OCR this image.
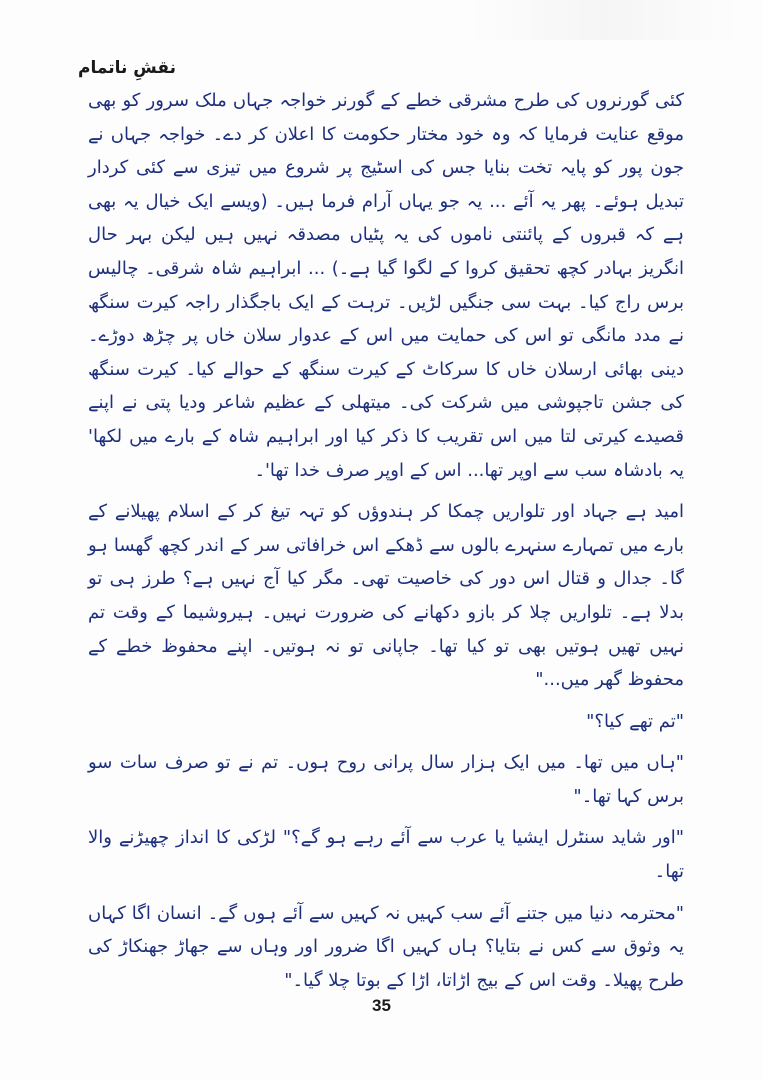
نقشِ ناتمام

کئی گورنروں کی طرح مشرقی خطے کے گورنر خواجہ جہاں ملک سرور کو بھی موقع عنایت فرمایا کہ وہ خود مختار حکومت کا اعلان کر دے۔ خواجہ جہاں نے جون پور کو پایہ تخت بنایا جس کی اسٹیج پر شروع میں تیزی سے کئی کردار تبدیل ہوئے۔ پھر یہ آئے ... یہ جو یہاں آرام فرما ہیں۔ (ویسے ایک خیال یہ بھی ہے کہ قبروں کے پائنتی ناموں کی یہ پٹیاں مصدقہ نہیں ہیں لیکن بہر حال انگریز بہادر کچھ تحقیق کروا کے لگوا گیا ہے۔) ... ابراہیم شاہ شرقی۔ چالیس برس راج کیا۔ بہت سی جنگیں لڑیں۔ ترہت کے ایک باجگذار راجہ کیرت سنگھ نے مدد مانگی تو اس کی حمایت میں اس کے عدوار سلان خاں پر چڑھ دوڑے۔ دینی بھائی ارسلان خاں کا سرکاٹ کے کیرت سنگھ کے حوالے کیا۔ کیرت سنگھ کی جشن تاجپوشی میں شرکت کی۔ میتھلی کے عظیم شاعر ودیا پتی نے اپنے قصیدے کیرتی لتا میں اس تقریب کا ذکر کیا اور ابراہیم شاہ کے بارے میں لکھا' یہ بادشاہ سب سے اوپر تھا... اس کے اوپر صرف خدا تھا'۔

امید ہے جہاد اور تلواریں چمکا کر ہندوؤں کو تہہ تیغ کر کے اسلام پھیلانے کے بارے میں تمہارے سنہرے بالوں سے ڈھکے اس خرافاتی سر کے اندر کچھ گھسا ہو گا۔ جدال و قتال اس دور کی خاصیت تھی۔ مگر کیا آج نہیں ہے؟ طرز ہی تو بدلا ہے۔ تلواریں چلا کر بازو دکھانے کی ضرورت نہیں۔ ہیروشیما کے وقت تم نہیں تھیں ہوتیں بھی تو کیا تھا۔ جاپانی تو نہ ہوتیں۔ اپنے محفوظ خطے کے محفوظ گھر میں..."

"تم تھے کیا؟"

"ہاں میں تھا۔ میں ایک ہزار سال پرانی روح ہوں۔ تم نے تو صرف سات سو برس کہا تھا۔"

"اور شاید سنٹرل ایشیا یا عرب سے آئے رہے ہو گے؟" لڑکی کا انداز چھیڑنے والا تھا۔

"محترمہ دنیا میں جتنے آئے سب کہیں نہ کہیں سے آئے ہوں گے۔ انسان اگا کہاں یہ وثوق سے کس نے بتایا؟ ہاں کہیں اگا ضرور اور وہاں سے جھاڑ جھنکاڑ کی طرح پھیلا۔ وقت اس کے بیج اڑاتا، اڑا کے بوتا چلا گیا۔"

35
